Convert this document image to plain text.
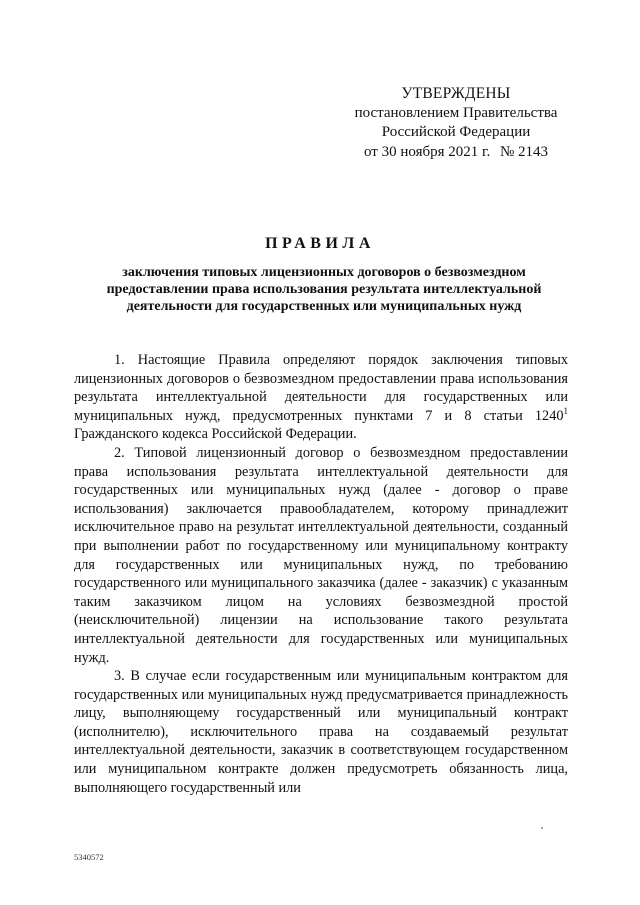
УТВЕРЖДЕНЫ
постановлением Правительства
Российской Федерации
от 30 ноября 2021 г. № 2143
ПРАВИЛА
заключения типовых лицензионных договоров о безвозмездном предоставлении права использования результата интеллектуальной деятельности для государственных или муниципальных нужд

1. Настоящие Правила определяют порядок заключения типовых лицензионных договоров о безвозмездном предоставлении права использования результата интеллектуальной деятельности для государственных или муниципальных нужд, предусмотренных пунктами 7 и 8 статьи 1240$^1$ Гражданского кодекса Российской Федерации.

2. Типовой лицензионный договор о безвозмездном предоставлении права использования результата интеллектуальной деятельности для государственных или муниципальных нужд (далее - договор о праве использования) заключается правообладателем, которому принадлежит исключительное право на результат интеллектуальной деятельности, созданный при выполнении работ по государственному или муниципальному контракту для государственных или муниципальных нужд, по требованию государственного или муниципального заказчика (далее - заказчик) с указанным таким заказчиком лицом на условиях безвозмездной простой (неисключительной) лицензии на использование такого результата интеллектуальной деятельности для государственных или муниципальных нужд.

3. В случае если государственным или муниципальным контрактом для государственных или муниципальных нужд предусматривается принадлежность лицу, выполняющему государственный или муниципальный контракт (исполнителю), исключительного права на создаваемый результат интеллектуальной деятельности, заказчик в соответствующем государственном или муниципальном контракте должен предусмотреть обязанность лица, выполняющего государственный или

5340572
